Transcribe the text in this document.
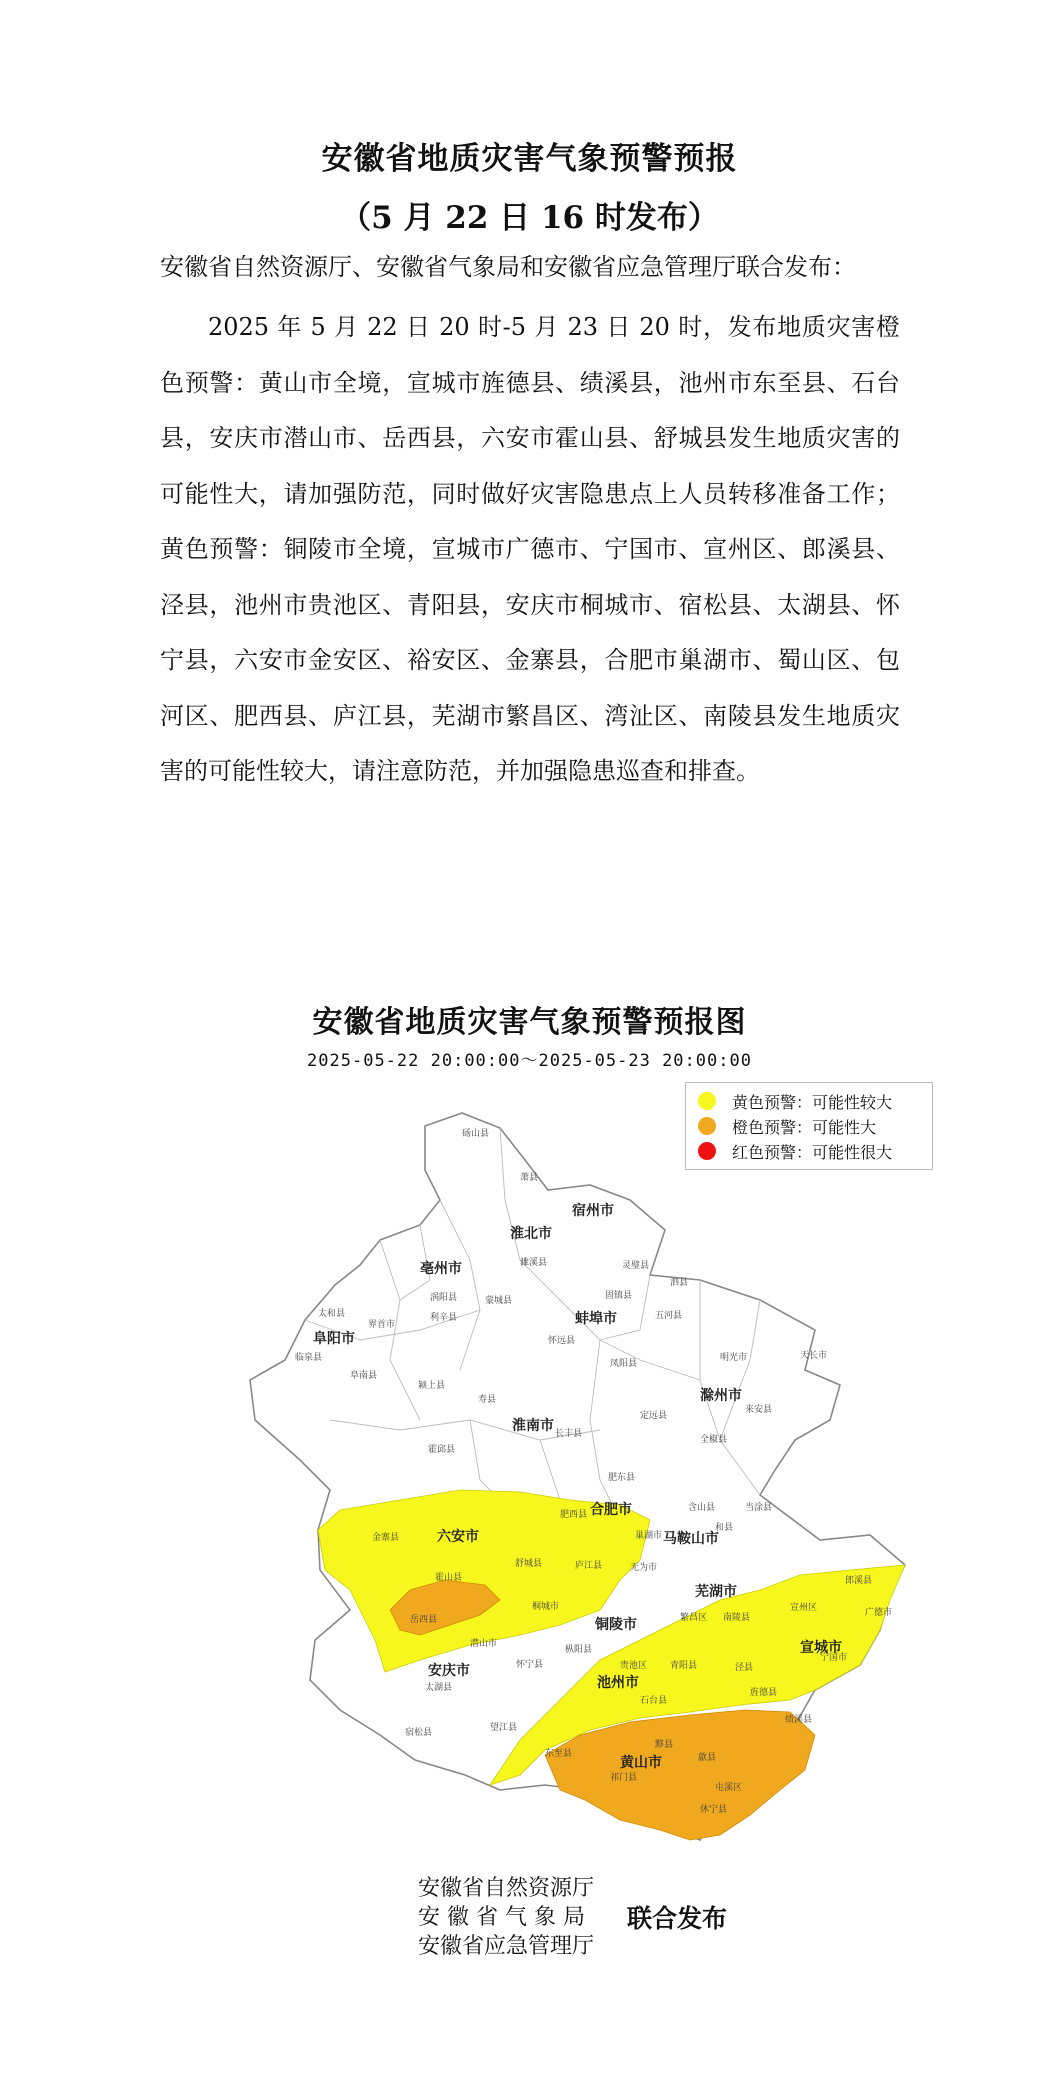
安徽省地质灾害气象预警预报
（5 月 22 日 16 时发布）
安徽省自然资源厅、安徽省气象局和安徽省应急管理厅联合发布：
2025 年 5 月 22 日 20 时-5 月 23 日 20 时，发布地质灾害橙色预警：黄山市全境，宣城市旌德县、绩溪县，池州市东至县、石台县，安庆市潜山市、岳西县，六安市霍山县、舒城县发生地质灾害的可能性大，请加强防范，同时做好灾害隐患点上人员转移准备工作；黄色预警：铜陵市全境，宣城市广德市、宁国市、宣州区、郎溪县、泾县，池州市贵池区、青阳县，安庆市桐城市、宿松县、太湖县、怀宁县，六安市金安区、裕安区、金寨县，合肥市巢湖市、蜀山区、包河区、肥西县、庐江县，芜湖市繁昌区、湾沚区、南陵县发生地质灾害的可能性较大，请注意防范，并加强隐患巡查和排查。
安徽省地质灾害气象预警预报图
2025-05-22 20:00:00～2025-05-23 20:00:00
宿州市
淮北市
亳州市
阜阳市
蚌埠市
淮南市
滁州市
六安市
合肥市
马鞍山市
芜湖市
铜陵市
安庆市
池州市
宣城市
黄山市
砀山县
萧县
濉溪县
涡阳县	蒙城县
利辛县
太和县
界首市
临泉县
阜南县
颍上县
怀远县
五河县
固镇县
灵璧县
泗县
凤阳县
定远县
明光市	天长市
来安县
全椒县
寿县
霍邱县
金寨县
霍山县
舒城县
肥西县
肥东县
长丰县
庐江县
巢湖市
含山县
和县
当涂县
无为市
繁昌区 南陵县
枞阳县
桐城市
潜山市
岳西县
太湖县
宿松县	望江县
怀宁县
东至县
石台县
青阳县
贵池区	泾县
旌德县
绩溪县
宁国市
广德市
郎溪县
宣州区
歙县
休宁县
祁门县
黟县
屯溪区
黄色预警：可能性较大
橙色预警：可能性大
红色预警：可能性很大
安徽省自然资源厅
安 徽 省 气 象 局
安徽省应急管理厅
联合发布
